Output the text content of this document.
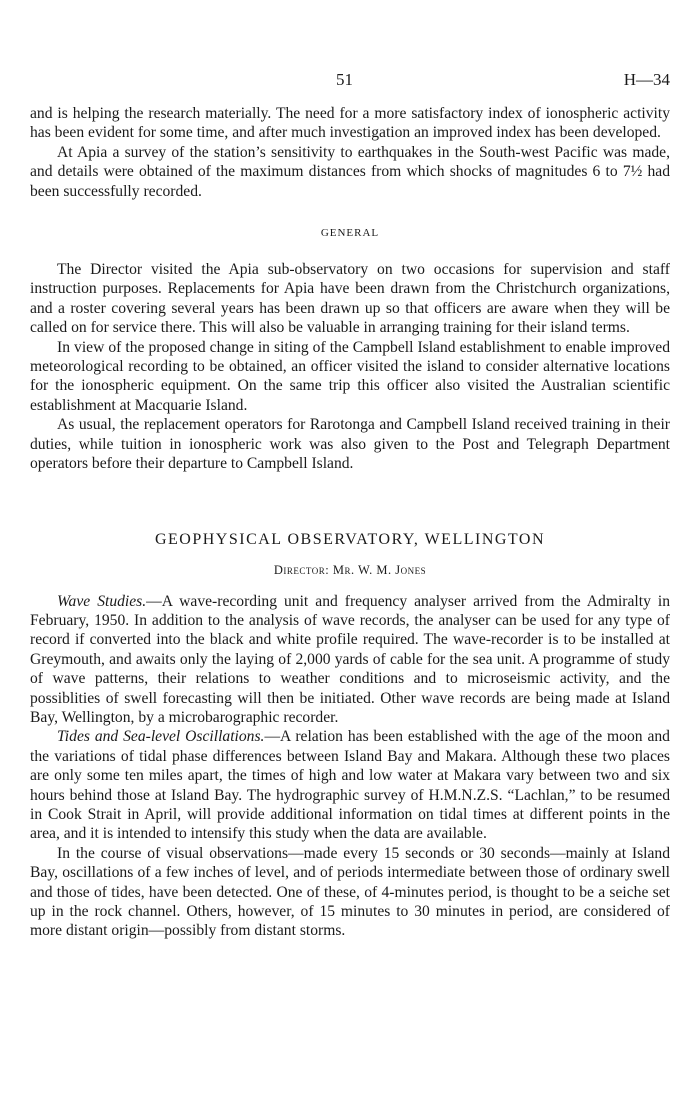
51	H—34

and is helping the research materially. The need for a more satisfactory index of ionospheric activity has been evident for some time, and after much investigation an improved index has been developed.

At Apia a survey of the station’s sensitivity to earthquakes in the South-west Pacific was made, and details were obtained of the maximum distances from which shocks of magnitudes 6 to 7½ had been successfully recorded.

GENERAL

The Director visited the Apia sub-observatory on two occasions for supervision and staff instruction purposes. Replacements for Apia have been drawn from the Christchurch organizations, and a roster covering several years has been drawn up so that officers are aware when they will be called on for service there. This will also be valuable in arranging training for their island terms.

In view of the proposed change in siting of the Campbell Island establishment to enable improved meteorological recording to be obtained, an officer visited the island to consider alternative locations for the ionospheric equipment. On the same trip this officer also visited the Australian scientific establishment at Macquarie Island.

As usual, the replacement operators for Rarotonga and Campbell Island received training in their duties, while tuition in ionospheric work was also given to the Post and Telegraph Department operators before their departure to Campbell Island.

GEOPHYSICAL OBSERVATORY, WELLINGTON
Director: Mr. W. M. Jones

Wave Studies.—A wave-recording unit and frequency analyser arrived from the Admiralty in February, 1950. In addition to the analysis of wave records, the analyser can be used for any type of record if converted into the black and white profile required. The wave-recorder is to be installed at Greymouth, and awaits only the laying of 2,000 yards of cable for the sea unit. A programme of study of wave patterns, their relations to weather conditions and to microseismic activity, and the possiblities of swell forecasting will then be initiated. Other wave records are being made at Island Bay, Wellington, by a microbarographic recorder.

Tides and Sea-level Oscillations.—A relation has been established with the age of the moon and the variations of tidal phase differences between Island Bay and Makara. Although these two places are only some ten miles apart, the times of high and low water at Makara vary between two and six hours behind those at Island Bay. The hydrographic survey of H.M.N.Z.S. “Lachlan,” to be resumed in Cook Strait in April, will provide additional information on tidal times at different points in the area, and it is intended to intensify this study when the data are available.

In the course of visual observations—made every 15 seconds or 30 seconds—mainly at Island Bay, oscillations of a few inches of level, and of periods intermediate between those of ordinary swell and those of tides, have been detected. One of these, of 4-minutes period, is thought to be a seiche set up in the rock channel. Others, however, of 15 minutes to 30 minutes in period, are considered of more distant origin—possibly from distant storms.
